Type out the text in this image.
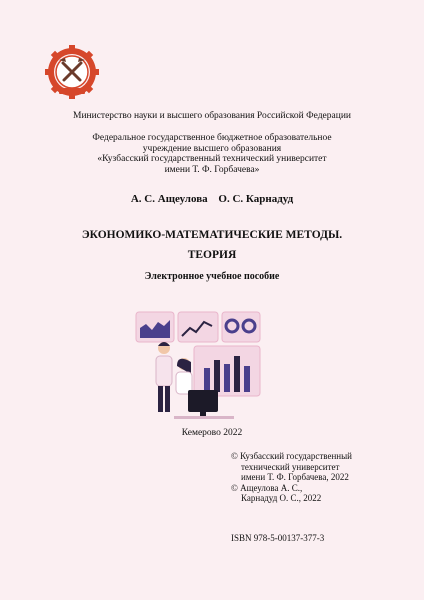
Министерство науки и высшего образования Российской Федерации
Федеральное государственное бюджетное образовательное
учреждение высшего образования
«Кузбасский государственный технический университет
имени Т. Ф. Горбачева»
А. С. Ащеулова О. С. Карнадуд
ЭКОНОМИКО-МАТЕМАТИЧЕСКИЕ МЕТОДЫ.
ТЕОРИЯ
Электронное учебное пособие
Кемерово 2022
© Кузбасский государственный
технический университет
имени Т. Ф. Горбачева, 2022
© Ащеулова А. С.,
Карнадуд О. С., 2022
ISBN 978-5-00137-377-3
